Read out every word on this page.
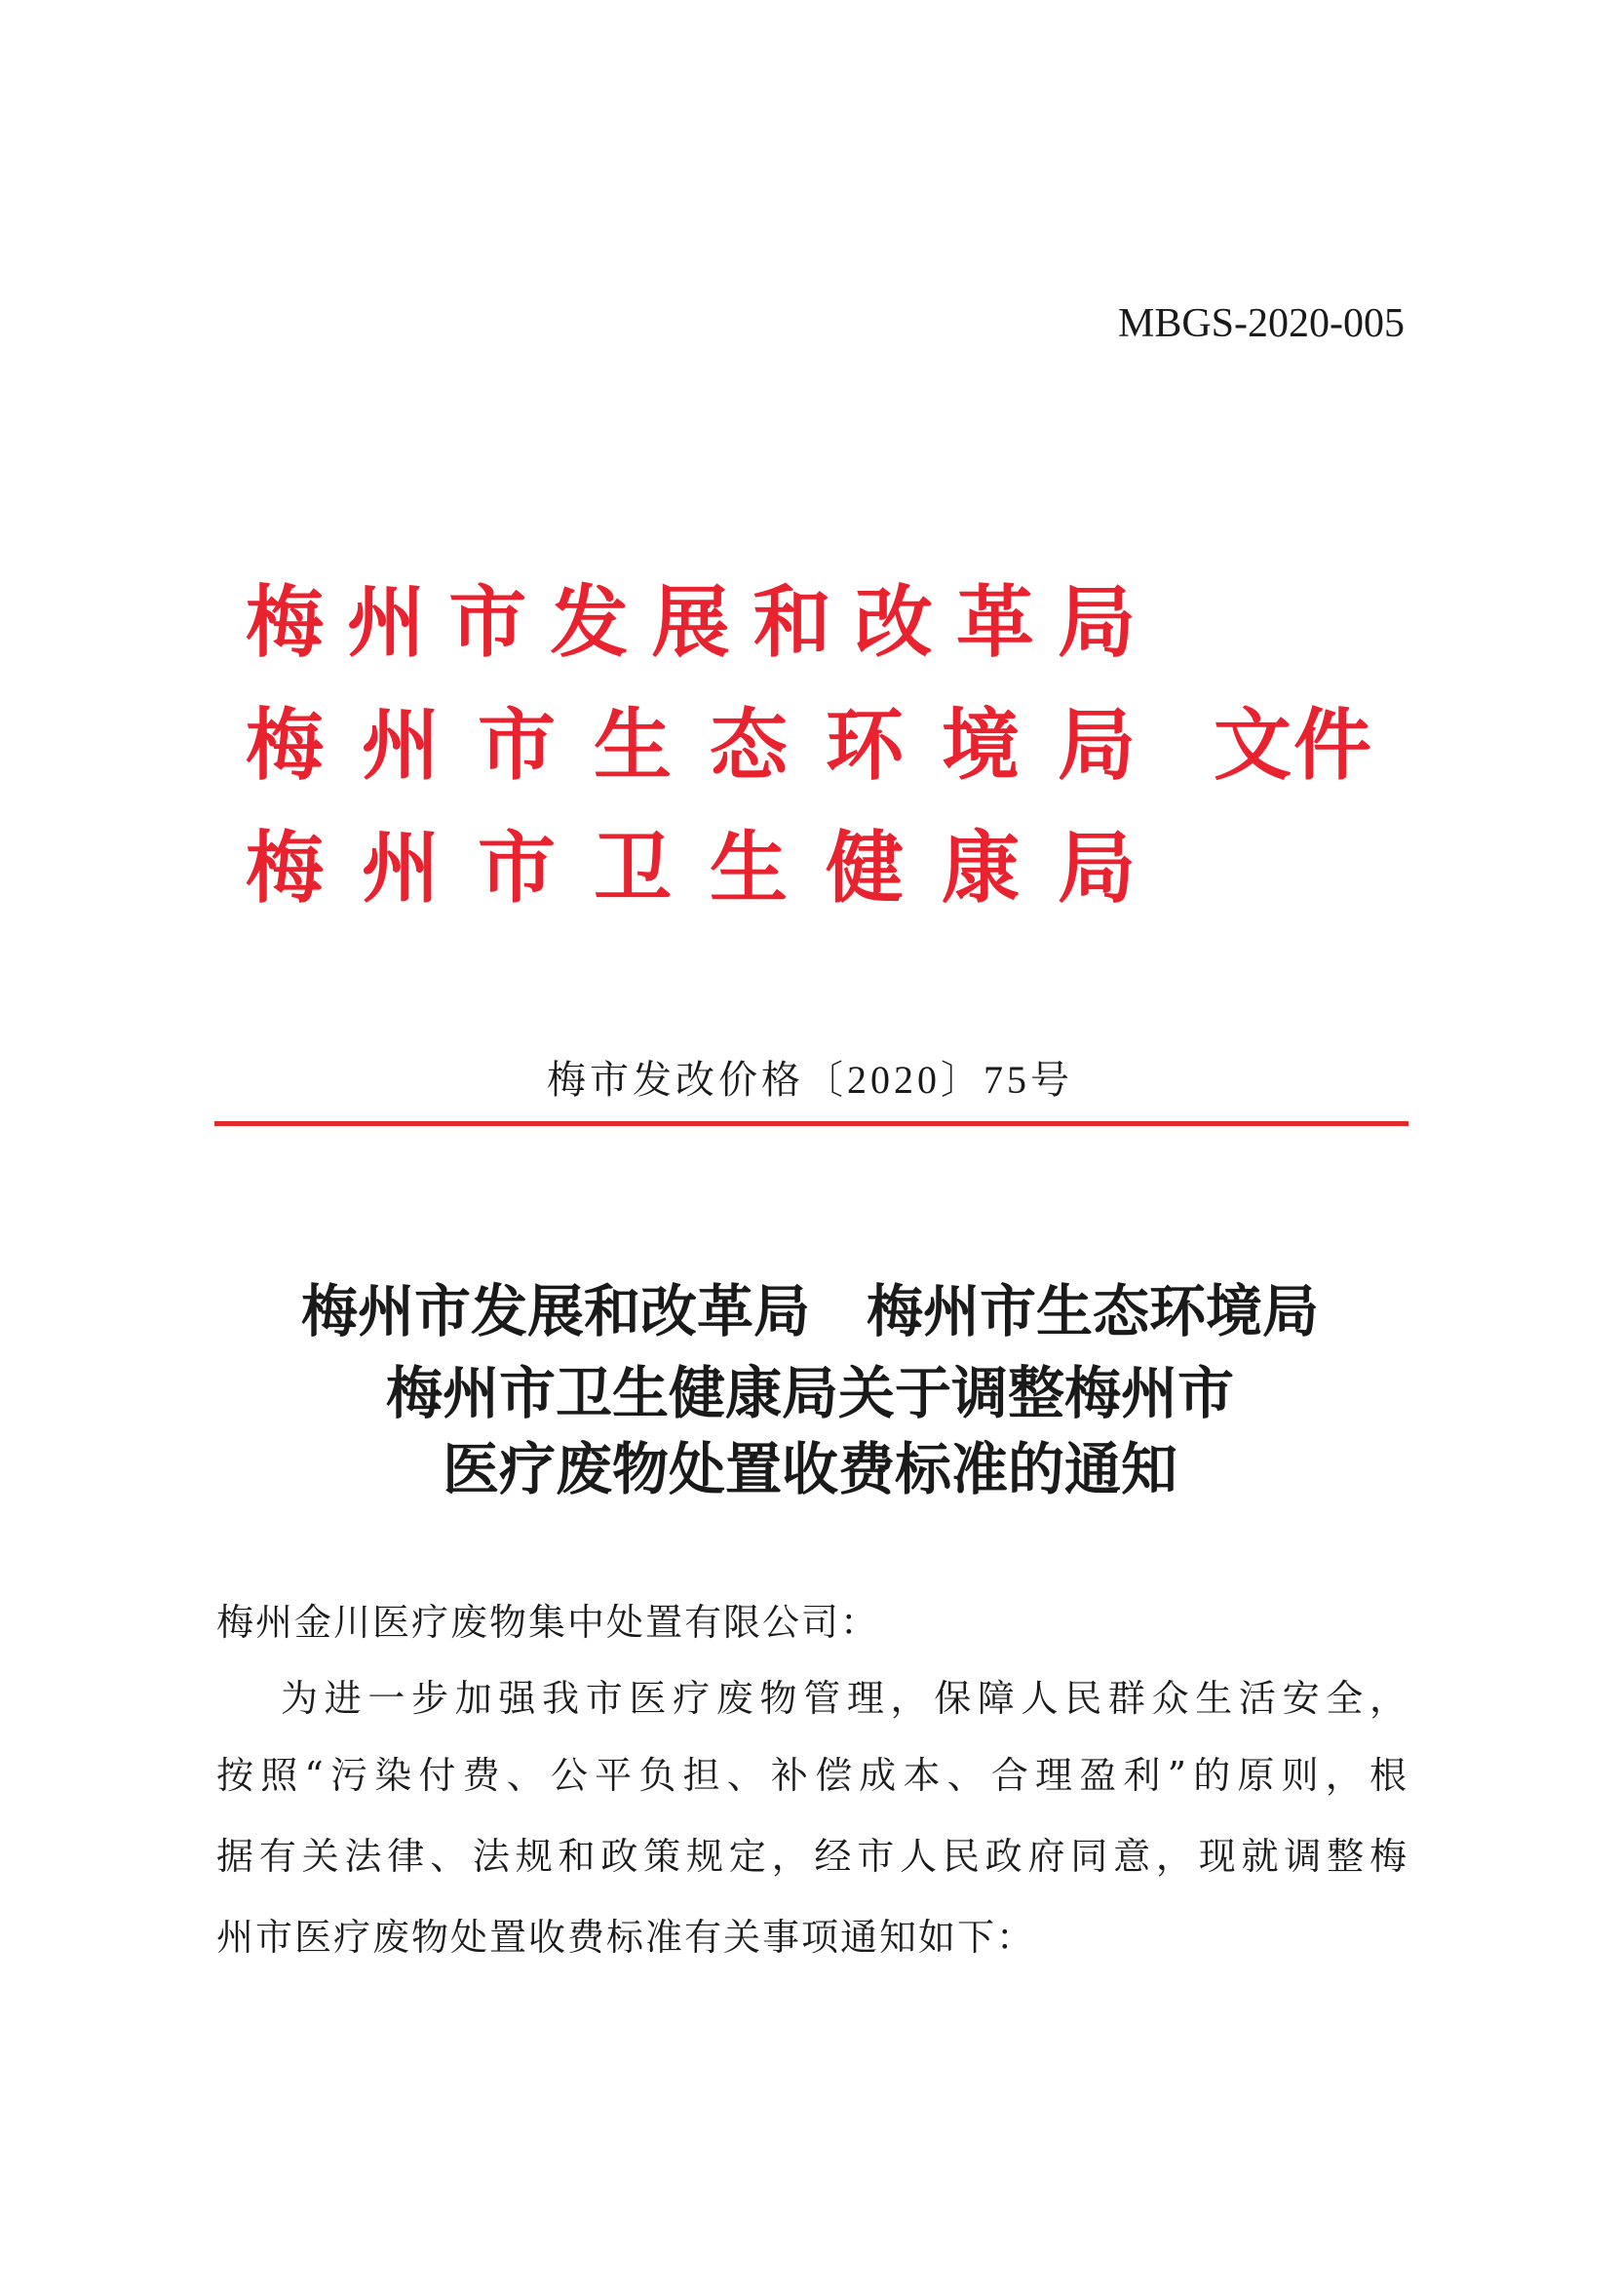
MBGS-2020-005
梅 州 市 发 展 和 改 革 局
梅 州 市 生 态 环 境 局
梅 州 市 卫 生 健 康 局
文件
梅市发改价格〔2020〕75号
梅州市发展和改革局　梅州市生态环境局
梅州市卫生健康局关于调整梅州市
医疗废物处置收费标准的通知
梅州金川医疗废物集中处置有限公司：
为进一步加强我市医疗废物管理，保障人民群众生活安全，
按照“污染付费、公平负担、补偿成本、合理盈利”的原则，根
据有关法律、法规和政策规定，经市人民政府同意，现就调整梅
州市医疗废物处置收费标准有关事项通知如下：
